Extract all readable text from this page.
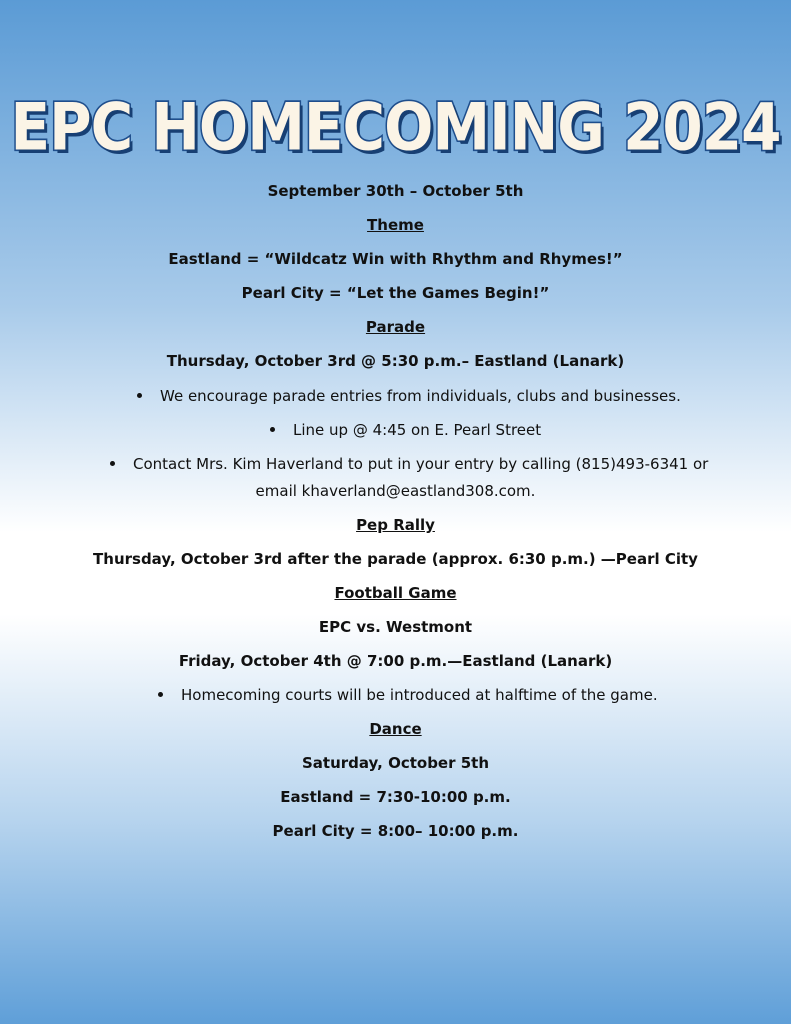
EPC HOMECOMING 2024

September 30th – October 5th

Theme

Eastland = “Wildcatz Win with Rhythm and Rhymes!”

Pearl City = “Let the Games Begin!”

Parade

Thursday, October 3rd @ 5:30 p.m.– Eastland (Lanark)

We encourage parade entries from individuals, clubs and businesses.
Line up @ 4:45 on E. Pearl Street
Contact Mrs. Kim Haverland to put in your entry by calling (815)493-6341 or

email khaverland@eastland308.com.

Pep Rally

Thursday, October 3rd after the parade (approx. 6:30 p.m.) —Pearl City

Football Game

EPC vs. Westmont

Friday, October 4th @ 7:00 p.m.—Eastland (Lanark)

Homecoming courts will be introduced at halftime of the game.

Dance

Saturday, October 5th

Eastland = 7:30-10:00 p.m.

Pearl City = 8:00– 10:00 p.m.
